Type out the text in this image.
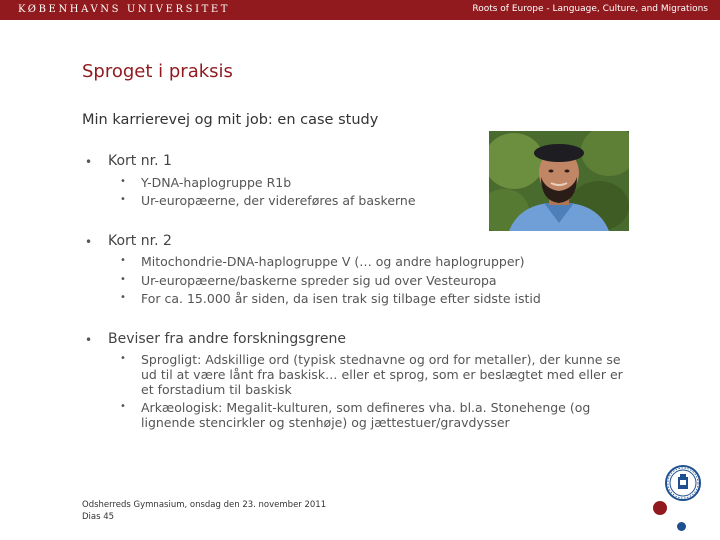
KØBENHAVNS UNIVERSITET	Roots of Europe - Language, Culture, and Migrations
Sproget i praksis
Min karrierevej og mit job: en case study
• Kort nr. 1
• Y-DNA-haplogruppe R1b
• Ur-europæerne, der videreføres af baskerne
• Kort nr. 2
• Mitochondrie-DNA-haplogruppe V (… og andre haplogrupper)
• Ur-europæerne/baskerne spreder sig ud over Vesteuropa
• For ca. 15.000 år siden, da isen trak sig tilbage efter sidste istid
• Beviser fra andre forskningsgrene
• Sprogligt: Adskillige ord (typisk stednavne og ord for metaller), der kunne se ud til at være lånt fra baskisk… eller et sprog, som er beslægtet med eller er et forstadium til baskisk
• Arkæologisk: Megalit-kulturen, som defineres vha. bl.a. Stonehenge (og lignende stencirkler og stenhøje) og jættestuer/gravdysser
Odsherreds Gymnasium, onsdag den 23. november 2011
Dias 45
